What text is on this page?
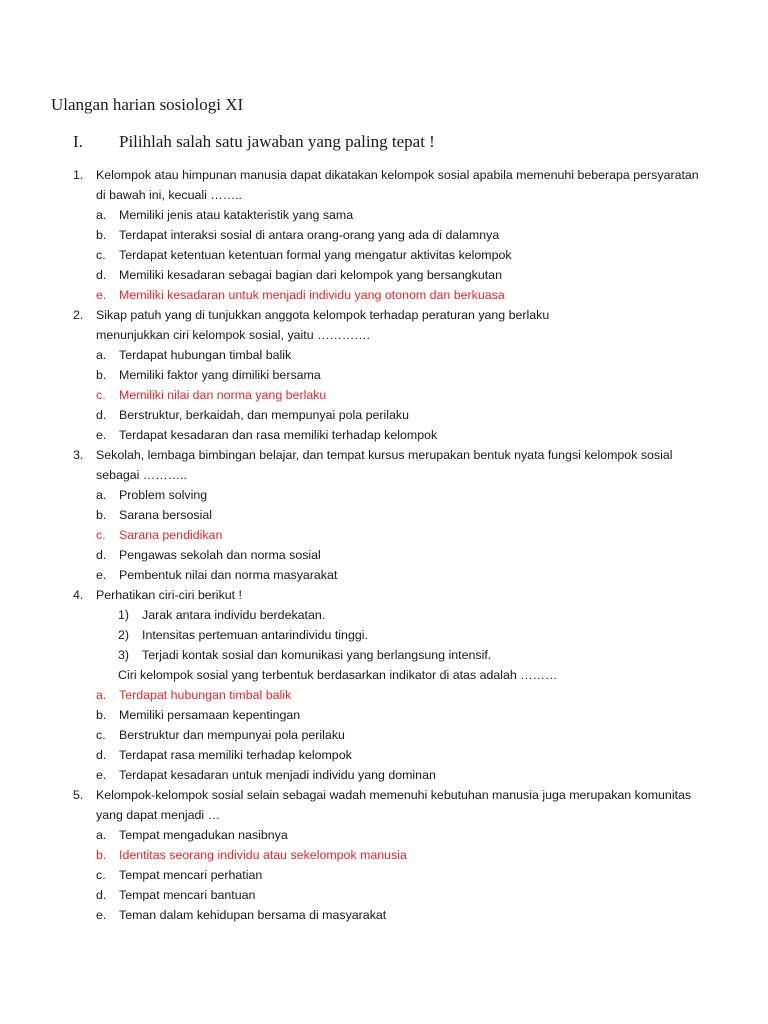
Ulangan harian sosiologi XI
I. Pilihlah salah satu jawaban yang paling tepat !
1. Kelompok atau himpunan manusia dapat dikatakan kelompok sosial apabila memenuhi beberapa persyaratan
di bawah ini, kecuali ……..
a. Memiliki jenis atau katakteristik yang sama
b. Terdapat interaksi sosial di antara orang-orang yang ada di dalamnya
c. Terdapat ketentuan ketentuan formal yang mengatur aktivitas kelompok
d. Memiliki kesadaran sebagai bagian dari kelompok yang bersangkutan
e. Memiliki kesadaran untuk menjadi individu yang otonom dan berkuasa
2. Sikap patuh yang di tunjukkan anggota kelompok terhadap peraturan yang berlaku
menunjukkan ciri kelompok sosial, yaitu ………….
a. Terdapat hubungan timbal balik
b. Memiliki faktor yang dimiliki bersama
c. Memiliki nilai dan norma yang berlaku
d. Berstruktur, berkaidah, dan mempunyai pola perilaku
e. Terdapat kesadaran dan rasa memiliki terhadap kelompok
3. Sekolah, lembaga bimbingan belajar, dan tempat kursus merupakan bentuk nyata fungsi kelompok sosial
sebagai ………..
a. Problem solving
b. Sarana bersosial
c. Sarana pendidikan
d. Pengawas sekolah dan norma sosial
e. Pembentuk nilai dan norma masyarakat
4. Perhatikan ciri-ciri berikut !
1) Jarak antara individu berdekatan.
2) Intensitas pertemuan antarindividu tinggi.
3) Terjadi kontak sosial dan komunikasi yang berlangsung intensif.
Ciri kelompok sosial yang terbentuk berdasarkan indikator di atas adalah ………
a. Terdapat hubungan timbal balik
b. Memiliki persamaan kepentingan
c. Berstruktur dan mempunyai pola perilaku
d. Terdapat rasa memiliki terhadap kelompok
e. Terdapat kesadaran untuk menjadi individu yang dominan
5. Kelompok-kelompok sosial selain sebagai wadah memenuhi kebutuhan manusia juga merupakan komunitas
yang dapat menjadi …
a. Tempat mengadukan nasibnya
b. Identitas seorang individu atau sekelompok manusia
c. Tempat mencari perhatian
d. Tempat mencari bantuan
e. Teman dalam kehidupan bersama di masyarakat
